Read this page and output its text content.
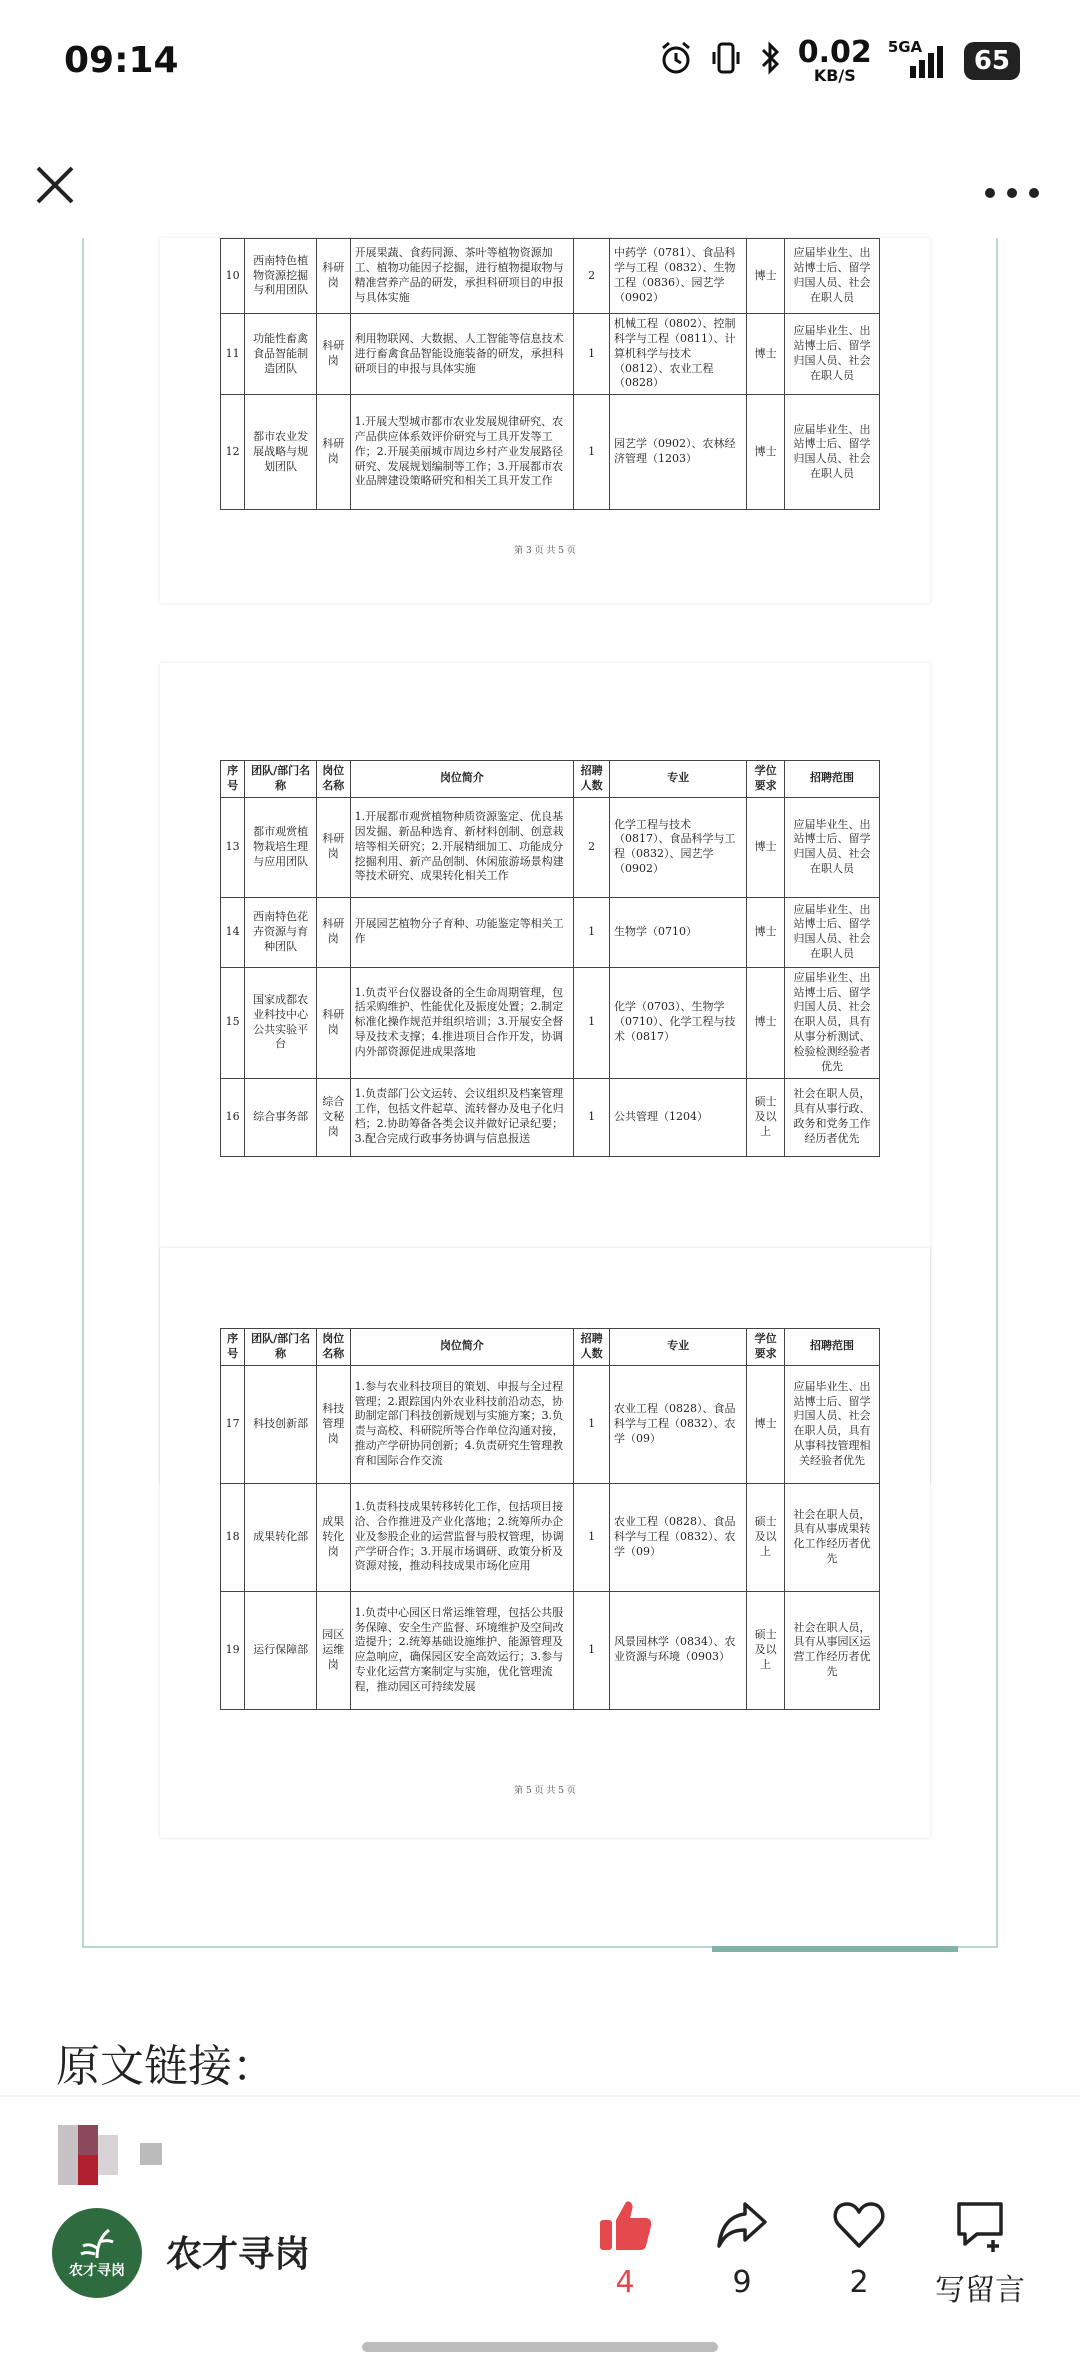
09:14	0.02
KB/S
5GA	65
10	西南特色植物资源挖掘与利用团队	科研岗	开展果蔬、食药同源、茶叶等植物资源加工、植物功能因子挖掘，进行植物提取物与精准营养产品的研发，承担科研项目的申报与具体实施	2	中药学（0781）、食品科学与工程（0832）、生物工程（0836）、园艺学（0902）	博士	应届毕业生、出站博士后、留学归国人员、社会在职人员
11	功能性畜禽食品智能制造团队	科研岗	利用物联网、大数据、人工智能等信息技术进行畜禽食品智能设施装备的研发，承担科研项目的申报与具体实施	1	机械工程（0802）、控制科学与工程（0811）、计算机科学与技术（0812）、农业工程（0828）	博士	应届毕业生、出站博士后、留学归国人员、社会在职人员
12	都市农业发展战略与规划团队	科研岗	1.开展大型城市都市农业发展规律研究、农产品供应体系效评价研究与工具开发等工作；2.开展美丽城市周边乡村产业发展路径研究、发展规划编制等工作；3.开展都市农业品牌建设策略研究和相关工具开发工作	1	园艺学（0902）、农林经济管理（1203）	博士	应届毕业生、出站博士后、留学归国人员、社会在职人员
第 3 页 共 5 页
序号	团队/部门名称	岗位名称	岗位简介	招聘人数	专业	学位要求	招聘范围
13	都市观赏植物栽培生理与应用团队	科研岗	1.开展都市观赏植物种质资源鉴定、优良基因发掘、新品种选育、新材料创制、创意栽培等相关研究；2.开展精细加工、功能成分挖掘利用、新产品创制、休闲旅游场景构建等技术研究、成果转化相关工作	2	化学工程与技术（0817）、食品科学与工程（0832）、园艺学（0902）	博士	应届毕业生、出站博士后、留学归国人员、社会在职人员
14	西南特色花卉资源与育种团队	科研岗	开展园艺植物分子育种、功能鉴定等相关工作	1	生物学（0710）	博士	应届毕业生、出站博士后、留学归国人员、社会在职人员
15	国家成都农业科技中心公共实验平台	科研岗	1.负责平台仪器设备的全生命周期管理，包括采购维护、性能优化及振度处置；2.制定标准化操作规范并组织培训；3.开展安全督导及技术支撑；4.推进项目合作开发，协调内外部资源促进成果落地	1	化学（0703）、生物学（0710）、化学工程与技术（0817）	博士	应届毕业生、出站博士后、留学归国人员、社会在职人员，具有从事分析测试、检验检测经验者优先
16	综合事务部	综合文秘岗	1.负责部门公文运转、会议组织及档案管理工作，包括文件起草、流转督办及电子化归档；2.协助筹备各类会议并做好记录纪要；3.配合完成行政事务协调与信息报送	1	公共管理（1204）	硕士及以上	社会在职人员，具有从事行政、政务和党务工作经历者优先
序号	团队/部门名称	岗位名称	岗位简介	招聘人数	专业	学位要求	招聘范围
17	科技创新部	科技管理岗	1.参与农业科技项目的策划、申报与全过程管理；2.跟踪国内外农业科技前沿动态，协助制定部门科技创新规划与实施方案；3.负责与高校、科研院所等合作单位沟通对接，推动产学研协同创新；4.负责研究生管理教育和国际合作交流	1	农业工程（0828）、食品科学与工程（0832）、农学（09）	博士	应届毕业生、出站博士后、留学归国人员、社会在职人员，具有从事科技管理相关经验者优先
18	成果转化部	成果转化岗	1.负责科技成果转移转化工作，包括项目接洽、合作推进及产业化落地；2.统筹所办企业及参股企业的运营监督与股权管理，协调产学研合作；3.开展市场调研、政策分析及资源对接，推动科技成果市场化应用	1	农业工程（0828）、食品科学与工程（0832）、农学（09）	硕士及以上	社会在职人员，具有从事成果转化工作经历者优先
19	运行保障部	园区运维岗	1.负责中心园区日常运维管理，包括公共服务保障、安全生产监督、环境维护及空间改造提升；2.统筹基础设施维护、能源管理及应急响应，确保园区安全高效运行；3.参与专业化运营方案制定与实施，优化管理流程，推动园区可持续发展	1	风景园林学（0834）、农业资源与环境（0903）	硕士及以上	社会在职人员，具有从事园区运营工作经历者优先
第 5 页 共 5 页
原文链接：
农才寻岗 农才寻岗
4	9	2	写留言
